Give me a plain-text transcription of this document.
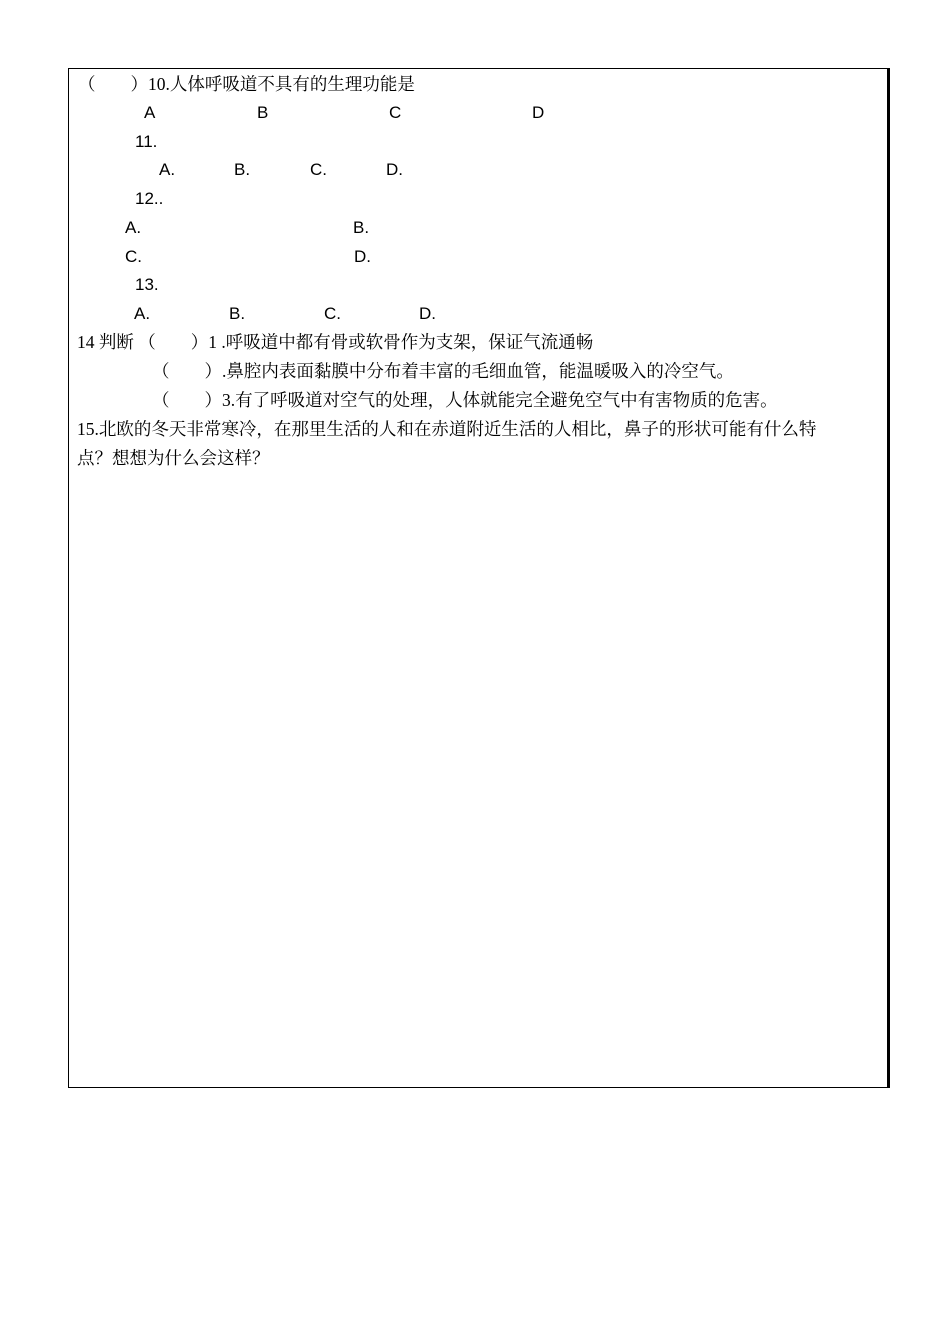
（　　）10.人体呼吸道不具有的生理功能是
A	B	C	D
11.
A.	B.	C.	D.
12..
A.	B.
C.	D.
13.
A.	B.	C.	D.
14 判断 （　　）1 .呼吸道中都有骨或软骨作为支架，保证气流通畅
（　　）.鼻腔内表面黏膜中分布着丰富的毛细血管，能温暖吸入的冷空气。
（　　）3.有了呼吸道对空气的处理，人体就能完全避免空气中有害物质的危害。
15.北欧的冬天非常寒冷，在那里生活的人和在赤道附近生活的人相比，鼻子的形状可能有什么特
点？想想为什么会这样？
